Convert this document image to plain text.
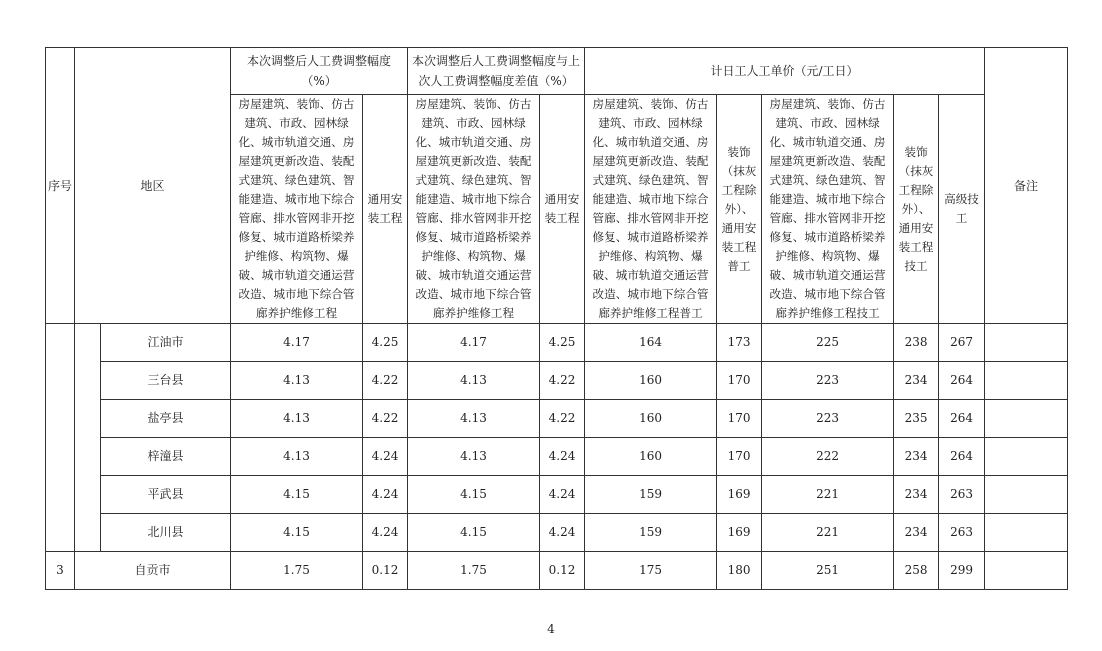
序号	地区		本次调整后人工费调整幅度（%）		本次调整后人工费调整幅度与上次人工费调整幅度差值（%）		计日工人工单价（元/工日）					备注
			房屋建筑、装饰、仿古建筑、市政、园林绿化、城市轨道交通、房屋建筑更新改造、装配式建筑、绿色建筑、智能建造、城市地下综合管廊、排水管网非开挖修复、城市道路桥梁养护维修、构筑物、爆破、城市轨道交通运营改造、城市地下综合管廊养护维修工程	通用安装工程	房屋建筑、装饰、仿古建筑、市政、园林绿化、城市轨道交通、房屋建筑更新改造、装配式建筑、绿色建筑、智能建造、城市地下综合管廊、排水管网非开挖修复、城市道路桥梁养护维修、构筑物、爆破、城市轨道交通运营改造、城市地下综合管廊养护维修工程	通用安装工程	房屋建筑、装饰、仿古建筑、市政、园林绿化、城市轨道交通、房屋建筑更新改造、装配式建筑、绿色建筑、智能建造、城市地下综合管廊、排水管网非开挖修复、城市道路桥梁养护维修、构筑物、爆破、城市轨道交通运营改造、城市地下综合管廊养护维修工程普工	装饰（抹灰工程除外）、通用安装工程普工	房屋建筑、装饰、仿古建筑、市政、园林绿化、城市轨道交通、房屋建筑更新改造、装配式建筑、绿色建筑、智能建造、城市地下综合管廊、排水管网非开挖修复、城市道路桥梁养护维修、构筑物、爆破、城市轨道交通运营改造、城市地下综合管廊养护维修工程技工	装饰（抹灰工程除外）、通用安装工程技工	高级技工	
		江油市	4.17	4.25	4.17	4.25	164	173	225	238	267	
		三台县	4.13	4.22	4.13	4.22	160	170	223	234	264	
		盐亭县	4.13	4.22	4.13	4.22	160	170	223	235	264	
		梓潼县	4.13	4.24	4.13	4.24	160	170	222	234	264	
		平武县	4.15	4.24	4.15	4.24	159	169	221	234	263	
		北川县	4.15	4.24	4.15	4.24	159	169	221	234	263	
3	自贡市		1.75	0.12	1.75	0.12	175	180	251	258	299	
4
